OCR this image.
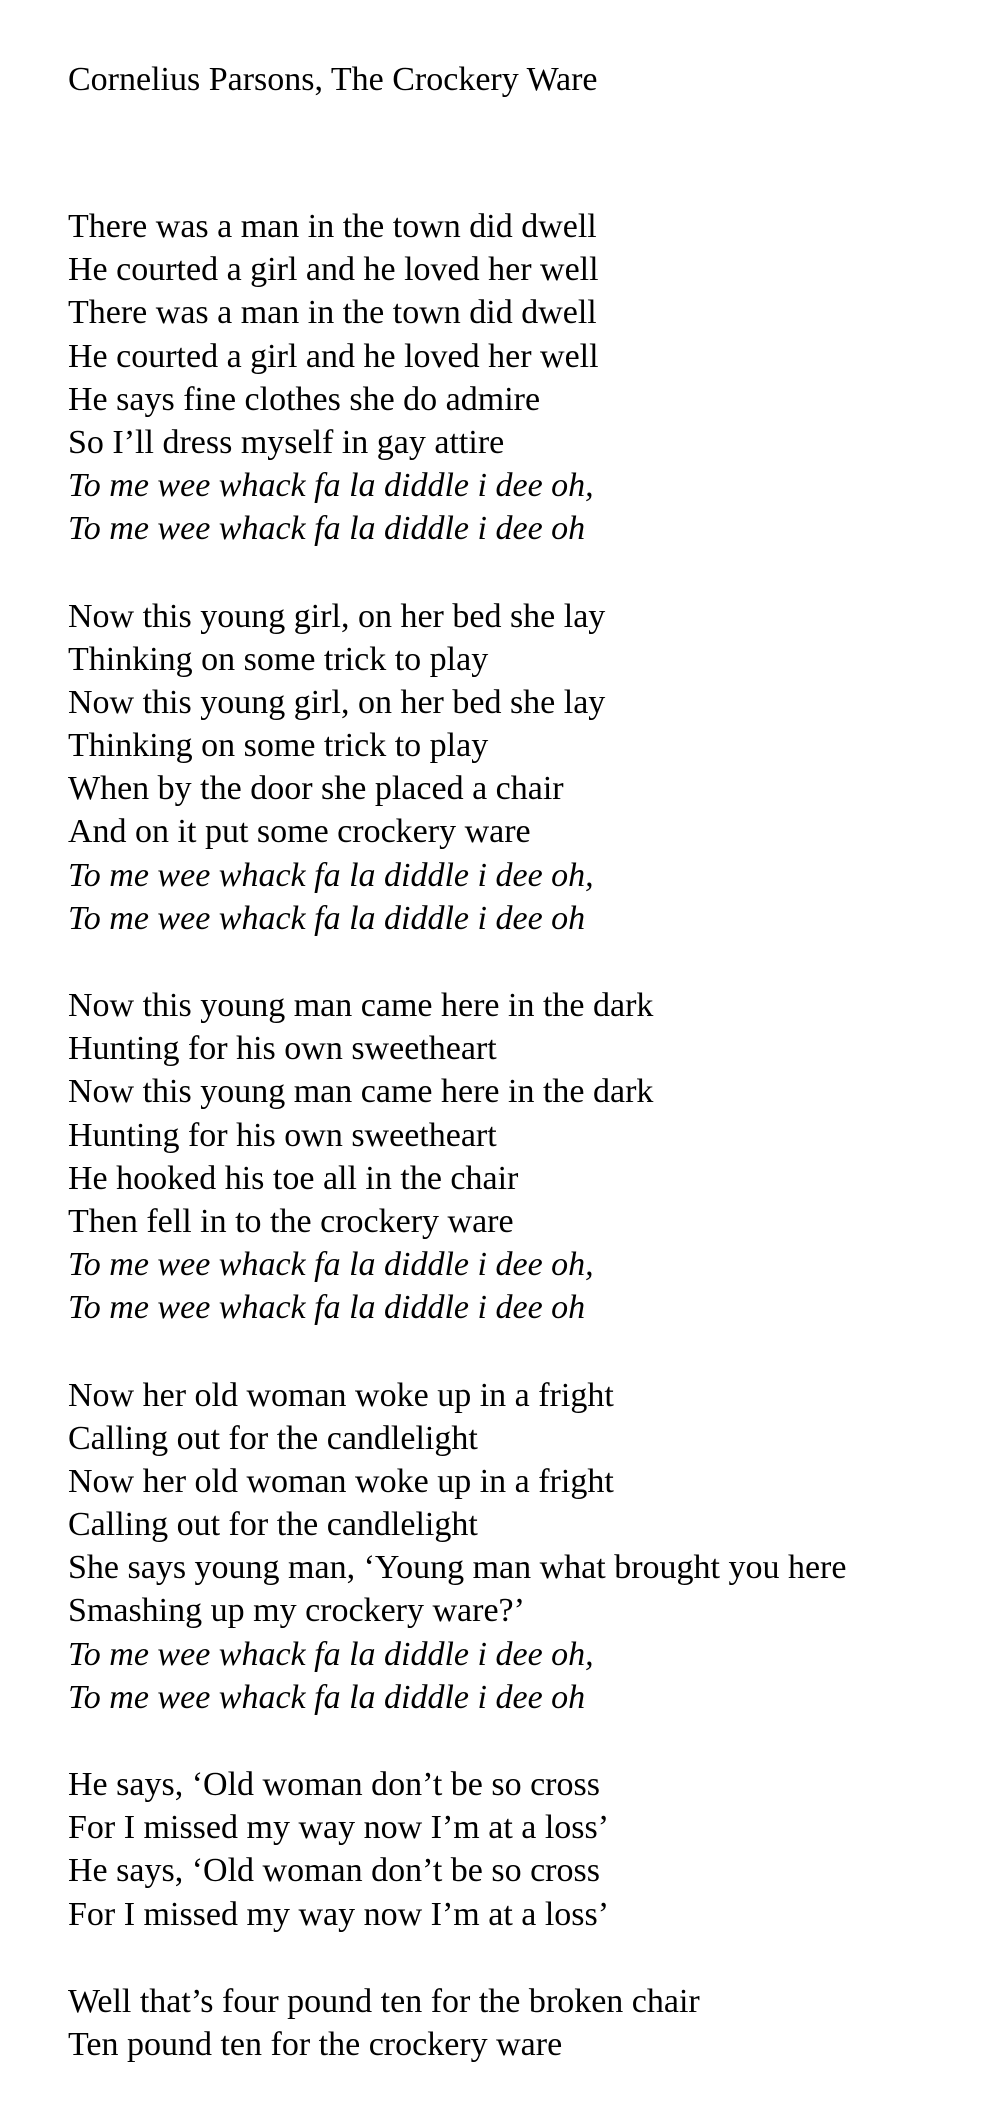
Cornelius Parsons, The Crockery Ware

There was a man in the town did dwell

He courted a girl and he loved her well

There was a man in the town did dwell

He courted a girl and he loved her well

He says fine clothes she do admire

So I’ll dress myself in gay attire

To me wee whack fa la diddle i dee oh,

To me wee whack fa la diddle i dee oh

Now this young girl, on her bed she lay

Thinking on some trick to play

Now this young girl, on her bed she lay

Thinking on some trick to play

When by the door she placed a chair

And on it put some crockery ware

To me wee whack fa la diddle i dee oh,

To me wee whack fa la diddle i dee oh

Now this young man came here in the dark

Hunting for his own sweetheart

Now this young man came here in the dark

Hunting for his own sweetheart

He hooked his toe all in the chair

Then fell in to the crockery ware

To me wee whack fa la diddle i dee oh,

To me wee whack fa la diddle i dee oh

Now her old woman woke up in a fright

Calling out for the candlelight

Now her old woman woke up in a fright

Calling out for the candlelight

She says young man, ‘Young man what brought you here

Smashing up my crockery ware?’

To me wee whack fa la diddle i dee oh,

To me wee whack fa la diddle i dee oh

He says, ‘Old woman don’t be so cross

For I missed my way now I’m at a loss’

He says, ‘Old woman don’t be so cross

For I missed my way now I’m at a loss’

Well that’s four pound ten for the broken chair

Ten pound ten for the crockery ware
